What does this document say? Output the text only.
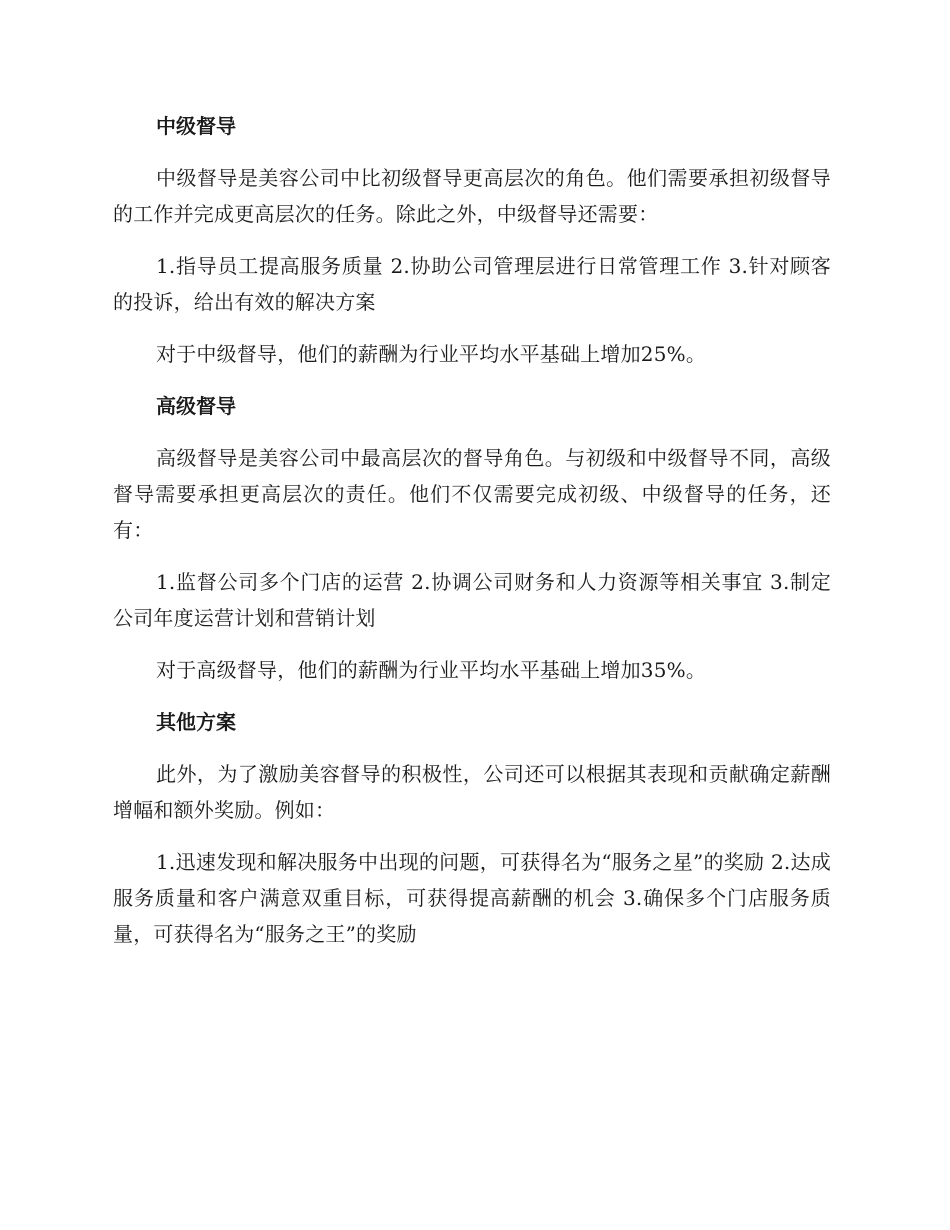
中级督导

中级督导是美容公司中比初级督导更高层次的角色。他们需要承担初级督导的工作并完成更高层次的任务。除此之外，中级督导还需要：

1.指导员工提高服务质量 2.协助公司管理层进行日常管理工作 3.针对顾客的投诉，给出有效的解决方案

对于中级督导，他们的薪酬为行业平均水平基础上增加25%。

高级督导

高级督导是美容公司中最高层次的督导角色。与初级和中级督导不同，高级督导需要承担更高层次的责任。他们不仅需要完成初级、中级督导的任务，还有：

1.监督公司多个门店的运营 2.协调公司财务和人力资源等相关事宜 3.制定公司年度运营计划和营销计划

对于高级督导，他们的薪酬为行业平均水平基础上增加35%。

其他方案

此外，为了激励美容督导的积极性，公司还可以根据其表现和贡献确定薪酬增幅和额外奖励。例如：

1.迅速发现和解决服务中出现的问题，可获得名为“服务之星”的奖励 2.达成服务质量和客户满意双重目标，可获得提高薪酬的机会 3.确保多个门店服务质量，可获得名为“服务之王”的奖励
